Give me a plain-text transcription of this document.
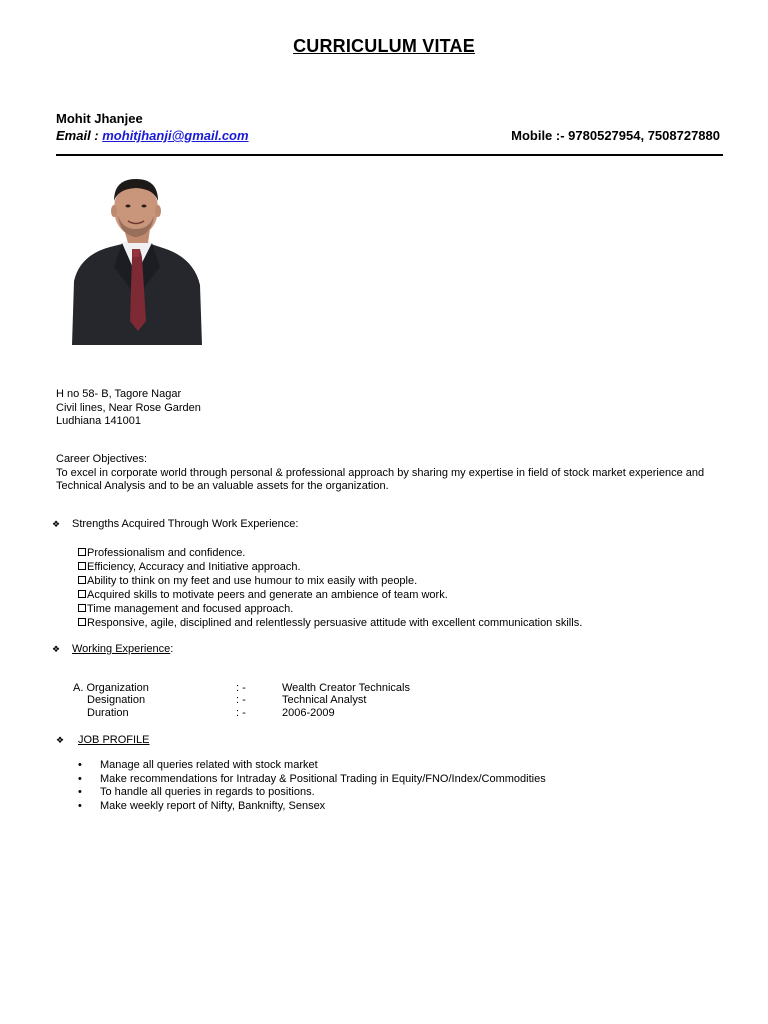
CURRICULUM VITAE
Mohit Jhanjee
Email : mohitjhanji@gmail.com	Mobile :- 9780527954, 7508727880
H no 58- B, Tagore Nagar
Civil lines, Near Rose Garden
Ludhiana 141001
Career Objectives:
To excel in corporate world through personal & professional approach by sharing my expertise in field of stock market experience and Technical Analysis and to be an valuable assets for the organization.
❖ Strengths Acquired Through Work Experience:
Professionalism and confidence.
Efficiency, Accuracy and Initiative approach.
Ability to think on my feet and use humour to mix easily with people.
Acquired skills to motivate peers and generate an ambience of team work.
Time management and focused approach.
Responsive, agile, disciplined and relentlessly persuasive attitude with excellent communication skills.
❖ Working Experience:
A. Organization	: -	Wealth Creator Technicals
Designation	: -	Technical Analyst
Duration	: -	2006-2009
❖ JOB PROFILE
• Manage all queries related with stock market
• Make recommendations for Intraday & Positional Trading in Equity/FNO/Index/Commodities
• To handle all queries in regards to positions.
• Make weekly report of Nifty, Banknifty, Sensex
